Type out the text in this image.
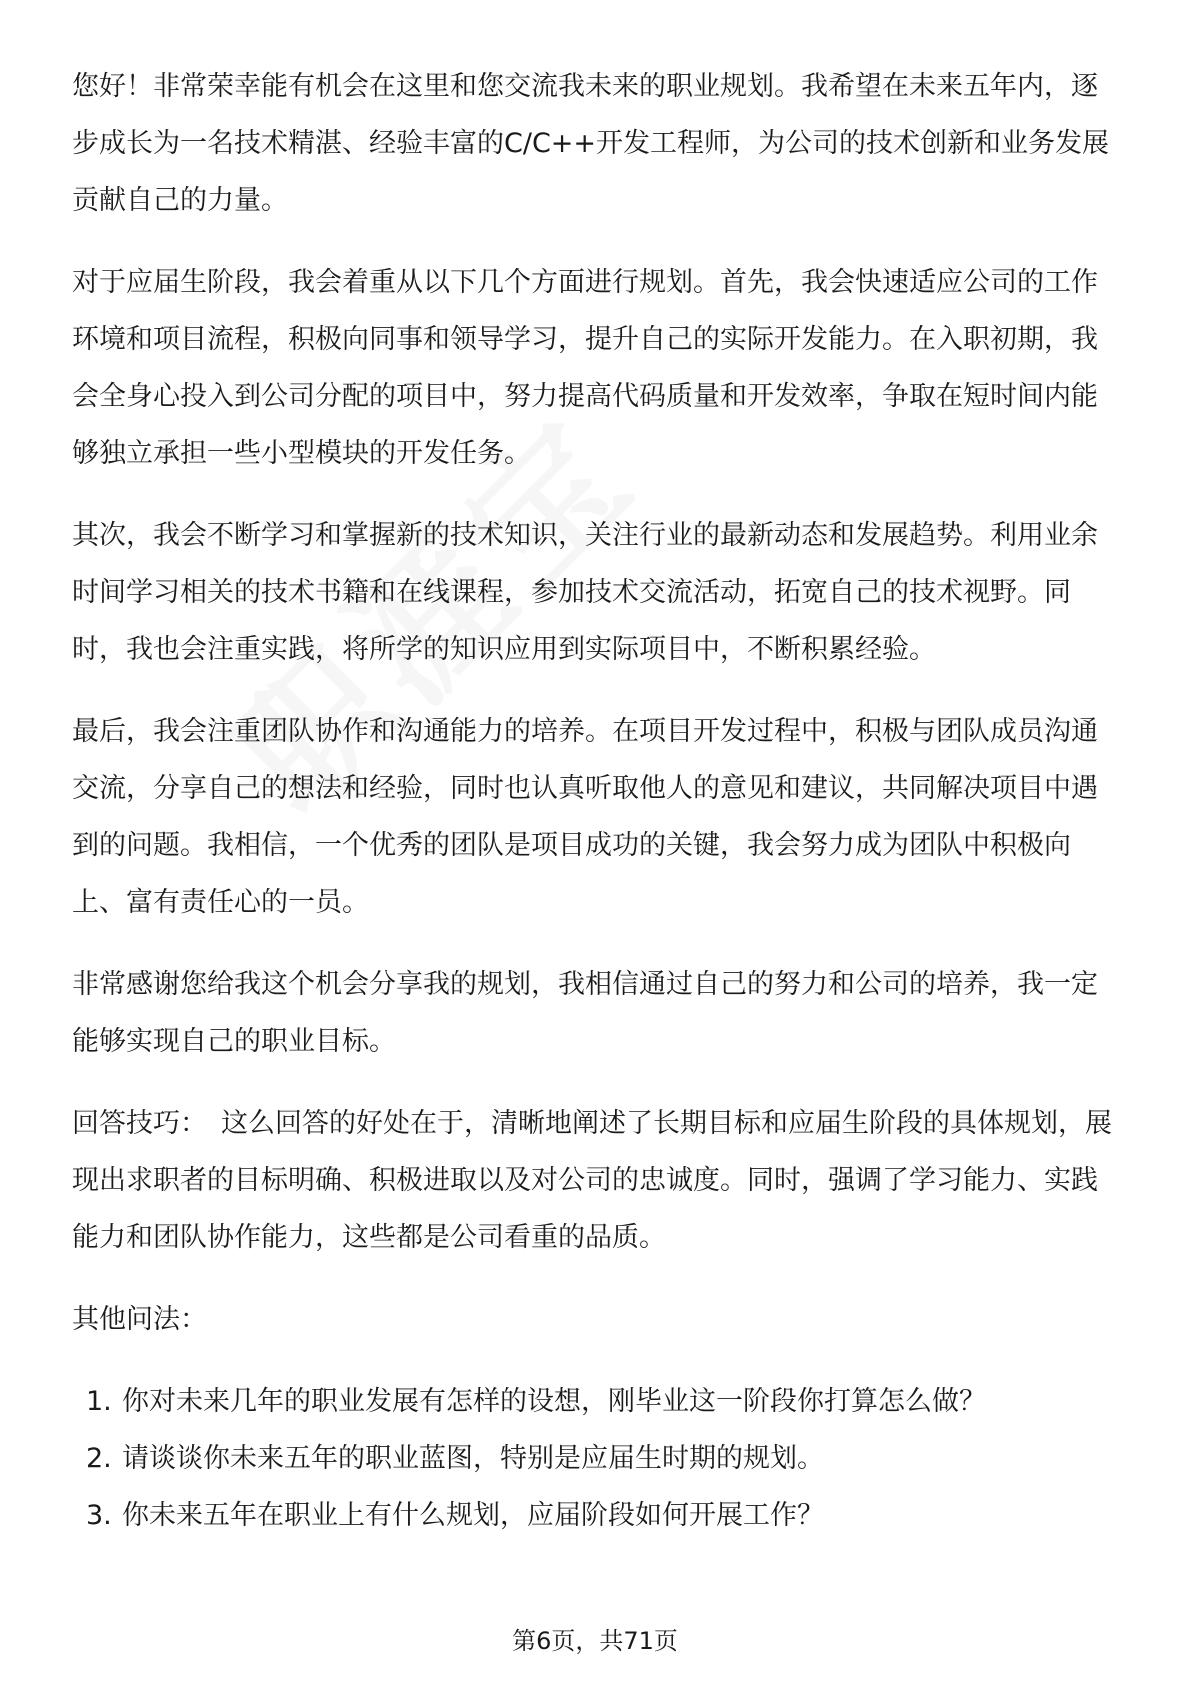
您好！非常荣幸能有机会在这里和您交流我未来的职业规划。我希望在未来五年内，逐步成长为一名技术精湛、经验丰富的C/C++开发工程师，为公司的技术创新和业务发展贡献自己的力量。

对于应届生阶段，我会着重从以下几个方面进行规划。首先，我会快速适应公司的工作环境和项目流程，积极向同事和领导学习，提升自己的实际开发能力。在入职初期，我会全身心投入到公司分配的项目中，努力提高代码质量和开发效率，争取在短时间内能够独立承担一些小型模块的开发任务。

其次，我会不断学习和掌握新的技术知识，关注行业的最新动态和发展趋势。利用业余时间学习相关的技术书籍和在线课程，参加技术交流活动，拓宽自己的技术视野。同时，我也会注重实践，将所学的知识应用到实际项目中，不断积累经验。

最后，我会注重团队协作和沟通能力的培养。在项目开发过程中，积极与团队成员沟通交流，分享自己的想法和经验，同时也认真听取他人的意见和建议，共同解决项目中遇到的问题。我相信，一个优秀的团队是项目成功的关键，我会努力成为团队中积极向上、富有责任心的一员。

非常感谢您给我这个机会分享我的规划，我相信通过自己的努力和公司的培养，我一定能够实现自己的职业目标。

回答技巧： 这么回答的好处在于，清晰地阐述了长期目标和应届生阶段的具体规划，展现出求职者的目标明确、积极进取以及对公司的忠诚度。同时，强调了学习能力、实践能力和团队协作能力，这些都是公司看重的品质。

其他问法：

1. 你对未来几年的职业发展有怎样的设想，刚毕业这一阶段你打算怎么做？
2. 请谈谈你未来五年的职业蓝图，特别是应届生时期的规划。
3. 你未来五年在职业上有什么规划，应届阶段如何开展工作？
第6页，共71页
